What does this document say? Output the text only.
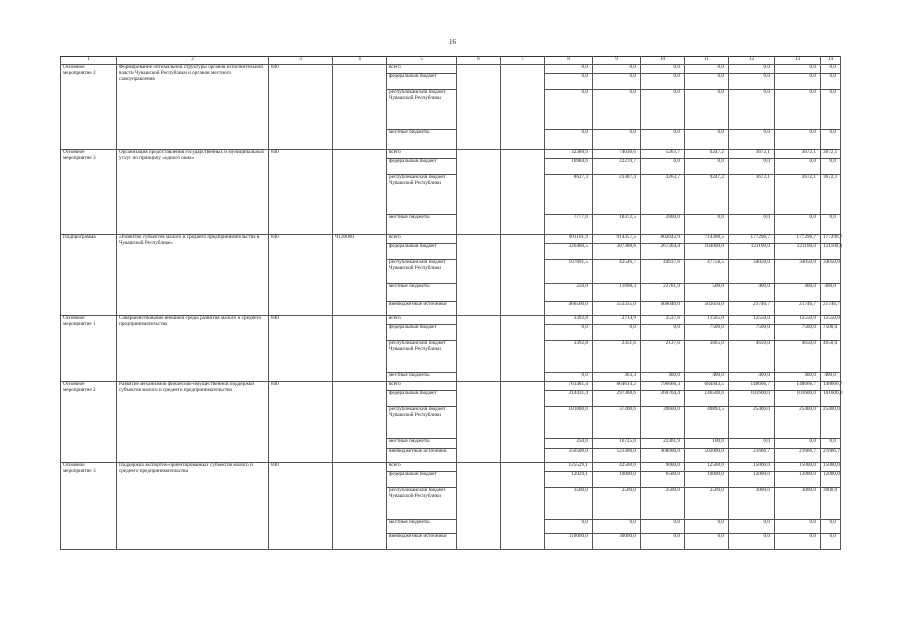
16
1	2	3	4	5	6	7	8	9	10	11	12	13	14
Основное мероприятие 2	Формирование оптимальной структуры органов исполнительной власти Чувашской Республики и органов местного самоуправления	840		всего			0,0	0,0	0,0	0,0	0,0	0,0	0,0
				федеральный бюджет			0,0	0,0	0,0	0,0	0,0	0,0	0,0
				республиканский бюджет Чувашской Республики			0,0	0,0	0,0	0,0	0,0	0,0	0,0
				местные бюджеты			0,0	0,0	0,0	0,0	0,0	0,0	0,0
Основное мероприятие 3	Организация предоставления государственных и муниципальных услуг по принципу «одного окна»	840		всего			32388,9	74030,6	5263,7	9247,2	3672,1	3672,1	3672,1
				федеральный бюджет			16984,6	22270,7	0,0	0,0	0,0	0,0	0,0
				республиканский бюджет Чувашской Республики			8627,3	23387,4	3263,7	9247,2	3672,1	3672,1	3672,1
				местные бюджеты			7777,0	18372,5	2000,0	0,0	0,0	0,0	0,0
Подпрограмма	«Развитие субъектов малого и среднего предпринимательства в Чувашской Республике»	840	Ч120000	всего			901101,9	914357,5	802643,9	714308,5	177296,7	177296,7	177296,7
				федеральный бюджет			326460,5	307388,6	267264,4	164000,0	121100,0	121100,0	121100,0
				республиканский бюджет Чувашской Республики			107891,5	42546,7	44637,6	47758,5	34050,0	34050,0	34050,0
				местные бюджеты			250,0	11098,3	22701,9	500,0	400,0	400,0	400,0
				внебюджетные источники			466500,0	553335,0	468040,0	502050,0	21746,7	21746,7	21746,7
Основное мероприятие 1	Совершенствование внешней среды развития малого и среднего предпринимательства	840		всего			3392,8	2714,9	2537,6	11565,0	12550,0	12550,0	12550,0
				федеральный бюджет			0,0	0,0	0,0	7500,0	7500,0	7500,0	7500,0
				республиканский бюджет Чувашской Республики			3392,8	2351,6	2137,6	3665,0	4650,0	4650,0	4650,0
				местные бюджеты			0,0	363,3	400,0	400,0	400,0	400,0	400,0
Основное мероприятие 2	Развитие механизмов финансово-имущественной поддержки субъектов малого и среднего предпринимательства	840		всего			763481,4	864614,2	790666,3	684943,5	148666,7	148666,7	148666,7
				федеральный бюджет			314431,4	297388,6	260764,4	146500,0	101600,0	101600,0	101600,0
				республиканский бюджет Чувашской Республики			101000,0	37200,6	39600,0	40893,5	25400,0	25400,0	25400,0
				местные бюджеты			250,0	10725,0	22301,9	100,0	0,0	0,0	0,0
				внебюджетные источники			350500,0	523300,0	468000,0	502000,0	21666,7	21666,7	21666,7
Основное мероприятие 3	Поддержка экспортно-ориентированных субъектов малого и среднего предпринимательства	840		всего			125529,1	42500,0	9000,0	12500,0	15000,0	15000,0	15000,0
				федеральный бюджет			12029,1	10000,0	6500,0	10000,0	12000,0	12000,0	12000,0
				республиканский бюджет Чувашской Республики			3500,0	2500,0	2500,0	2500,0	3000,0	3000,0	3000,0
				местные бюджеты			0,0	0,0	0,0	0,0	0,0	0,0	0,0
				внебюджетные источники			110000,0	30000,0	0,0	0,0	0,0	0,0	0,0
